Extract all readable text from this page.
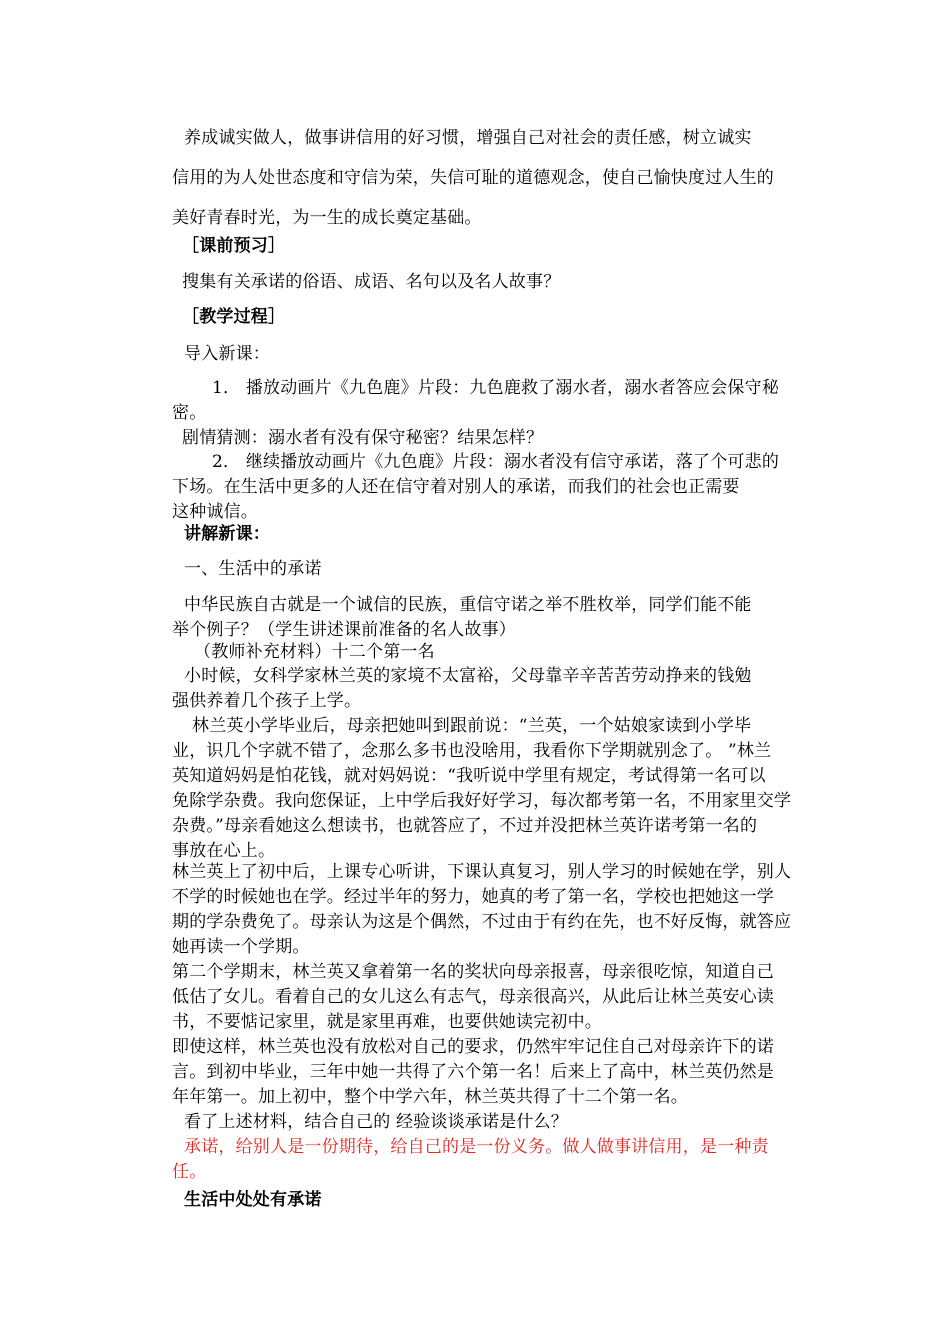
养成诚实做人，做事讲信用的好习惯，增强自己对社会的责任感，树立诚实
信用的为人处世态度和守信为荣，失信可耻的道德观念，使自己愉快度过人生的
美好青春时光，为一生的成长奠定基础。

［课前预习］

搜集有关承诺的俗语、成语、名句以及名人故事？

［教学过程］

导入新课：

1． 播放动画片《九色鹿》片段：九色鹿救了溺水者，溺水者答应会保守秘
密。

剧情猜测：溺水者有没有保守秘密？结果怎样？

2． 继续播放动画片《九色鹿》片段：溺水者没有信守承诺，落了个可悲的
下场。在生活中更多的人还在信守着对别人的承诺，而我们的社会也正需要
这种诚信。

讲解新课：

一、生活中的承诺

中华民族自古就是一个诚信的民族，重信守诺之举不胜枚举，同学们能不能
举个例子？（学生讲述课前准备的名人故事）

（教师补充材料）十二个第一名

小时候，女科学家林兰英的家境不太富裕，父母靠辛辛苦苦劳动挣来的钱勉
强供养着几个孩子上学。

林兰英小学毕业后，母亲把她叫到跟前说：“兰英，一个姑娘家读到小学毕
业，识几个字就不错了，念那么多书也没啥用，我看你下学期就别念了。 ”林兰
英知道妈妈是怕花钱，就对妈妈说：“我听说中学里有规定，考试得第一名可以
免除学杂费。我向您保证，上中学后我好好学习，每次都考第一名，不用家里交学
杂费。”母亲看她这么想读书，也就答应了，不过并没把林兰英许诺考第一名的
事放在心上。

林兰英上了初中后，上课专心听讲，下课认真复习，别人学习的时候她在学，别人
不学的时候她也在学。经过半年的努力，她真的考了第一名，学校也把她这一学
期的学杂费免了。母亲认为这是个偶然，不过由于有约在先，也不好反悔，就答应
她再读一个学期。

第二个学期末，林兰英又拿着第一名的奖状向母亲报喜，母亲很吃惊，知道自己
低估了女儿。看着自己的女儿这么有志气，母亲很高兴，从此后让林兰英安心读
书，不要惦记家里，就是家里再难，也要供她读完初中。

即使这样，林兰英也没有放松对自己的要求，仍然牢牢记住自己对母亲许下的诺
言。到初中毕业，三年中她一共得了六个第一名！后来上了高中，林兰英仍然是
年年第一。加上初中，整个中学六年，林兰英共得了十二个第一名。

看了上述材料，结合自己的 经验谈谈承诺是什么？

承诺，给别人是一份期待，给自己的是一份义务。做人做事讲信用，是一种责
任。

生活中处处有承诺
